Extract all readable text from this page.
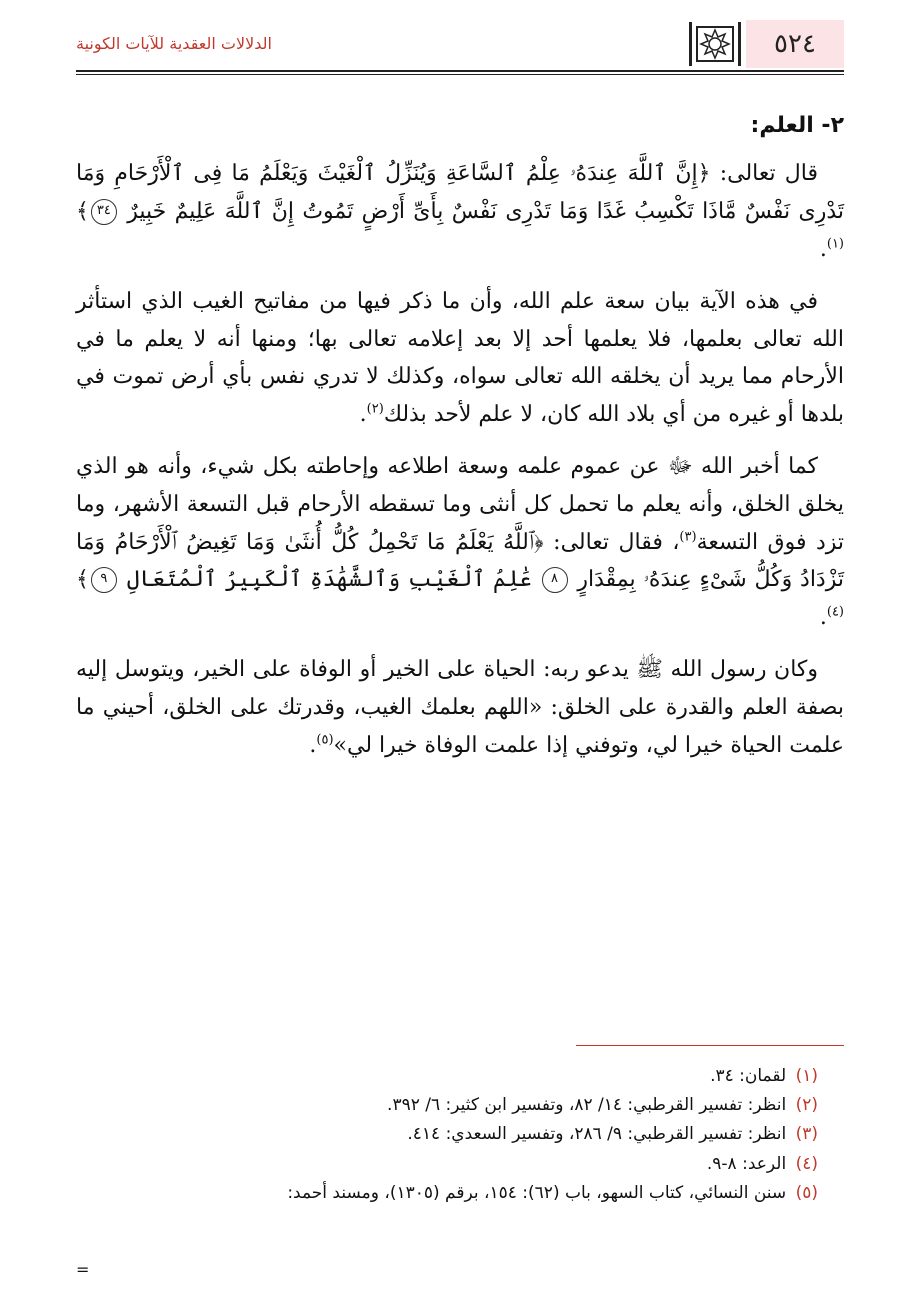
٥٢٤
الدلالات العقدية للآيات الكونية
٢- العلم:

قال تعالى: ﴿إِنَّ ٱللَّهَ عِندَهُۥ عِلْمُ ٱلسَّاعَةِ وَيُنَزِّلُ ٱلْغَيْثَ وَيَعْلَمُ مَا فِى ٱلْأَرْحَامِ وَمَا تَدْرِى نَفْسٌ مَّاذَا تَكْسِبُ غَدًا وَمَا تَدْرِى نَفْسٌ بِأَىِّ أَرْضٍ تَمُوتُ إِنَّ ٱللَّهَ عَلِيمٌ خَبِيرٌ ٣٤﴾$^{(١)}$.

في هذه الآية بيان سعة علم الله، وأن ما ذكر فيها من مفاتيح الغيب الذي استأثر الله تعالى بعلمها، فلا يعلمها أحد إلا بعد إعلامه تعالى بها؛ ومنها أنه لا يعلم ما في الأرحام مما يريد أن يخلقه الله تعالى سواه، وكذلك لا تدري نفس بأي أرض تموت في بلدها أو غيره من أي بلاد الله كان، لا علم لأحد بذلك$^{(٢)}$.

كما أخبر الله ﷻ عن عموم علمه وسعة اطلاعه وإحاطته بكل شيء، وأنه هو الذي يخلق الخلق، وأنه يعلم ما تحمل كل أنثى وما تسقطه الأرحام قبل التسعة الأشهر، وما تزد فوق التسعة$^{(٣)}$، فقال تعالى: ﴿ٱللَّهُ يَعْلَمُ مَا تَحْمِلُ كُلُّ أُنثَىٰ وَمَا تَغِيضُ ٱلْأَرْحَامُ وَمَا تَزْدَادُ وَكُلُّ شَىْءٍ عِندَهُۥ بِمِقْدَارٍ ٨ عَٰلِمُ ٱلْغَيْبِ وَٱلشَّهَٰدَةِ ٱلْكَبِيرُ ٱلْمُتَعَالِ ٩﴾$^{(٤)}$.

وكان رسول الله ﷺ يدعو ربه: الحياة على الخير أو الوفاة على الخير، ويتوسل إليه بصفة العلم والقدرة على الخلق: «اللهم بعلمك الغيب، وقدرتك على الخلق، أحيني ما علمت الحياة خيرا لي، وتوفني إذا علمت الوفاة خيرا لي»$^{(٥)}$.

(١) لقمان: ٣٤.

(٢) انظر: تفسير القرطبي: ١٤/ ٨٢، وتفسير ابن كثير: ٦/ ٣٩٢.

(٣) انظر: تفسير القرطبي: ٩/ ٢٨٦، وتفسير السعدي: ٤١٤.

(٤) الرعد: ٨-٩.

(٥) سنن النسائي، كتاب السهو، باب (٦٢): ١٥٤، برقم (١٣٠٥)، ومسند أحمد:

=
